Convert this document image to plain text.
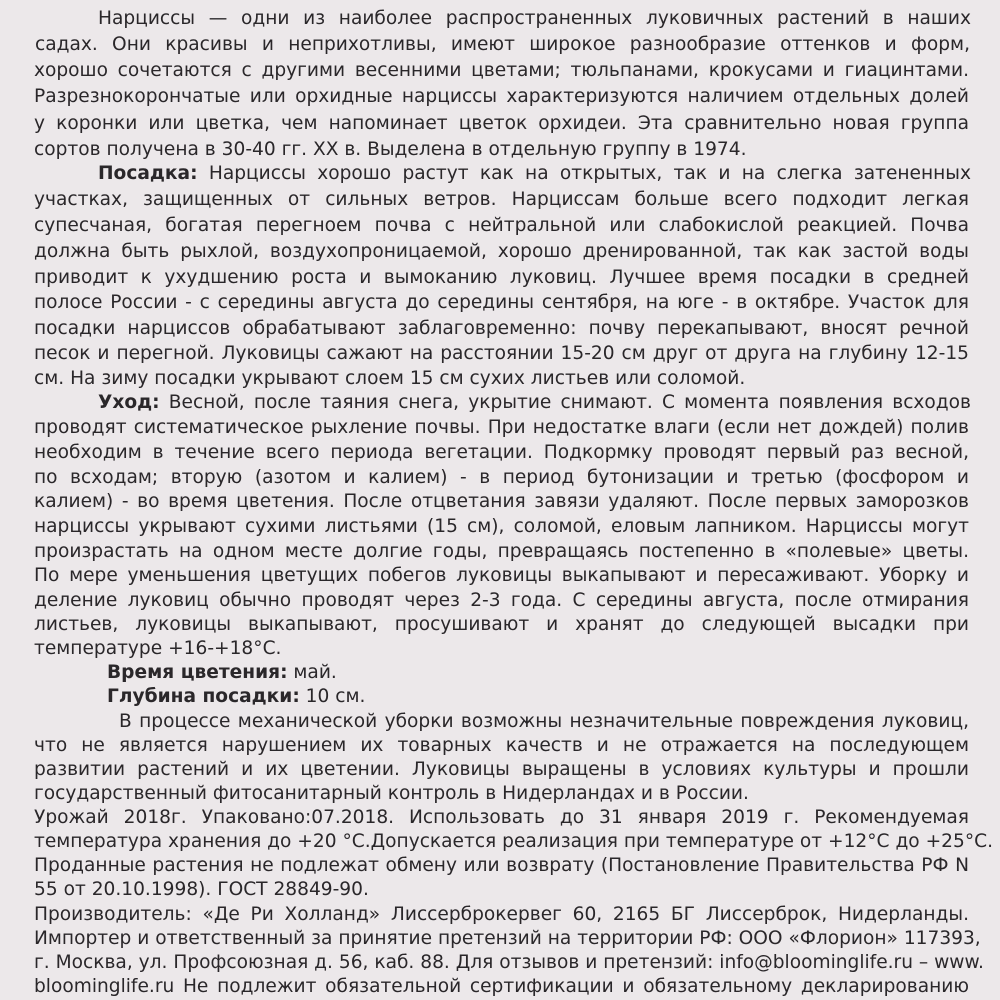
Нарциссы — одни из наиболее распространенных луковичных растений в наших
садах. Они красивы и неприхотливы, имеют широкое разнообразие оттенков и форм,
хорошо сочетаются с другими весенними цветами; тюльпанами, крокусами и гиацинтами.
Разрезнокорончатые или орхидные нарциссы характеризуются наличием отдельных долей
у коронки или цветка, чем напоминает цветок орхидеи. Эта сравнительно новая группа
сортов получена в 30-40 гг. XX в. Выделена в отдельную группу в 1974.
Посадка: Нарциссы хорошо растут как на открытых, так и на слегка затененных
участках, защищенных от сильных ветров. Нарциссам больше всего подходит легкая
супесчаная, богатая перегноем почва с нейтральной или слабокислой реакцией. Почва
должна быть рыхлой, воздухопроницаемой, хорошо дренированной, так как застой воды
приводит к ухудшению роста и вымоканию луковиц. Лучшее время посадки в средней
полосе России - с середины августа до середины сентября, на юге - в октябре. Участок для
посадки нарциссов обрабатывают заблаговременно: почву перекапывают, вносят речной
песок и перегной. Луковицы сажают на расстоянии 15-20 см друг от друга на глубину 12-15
см. На зиму посадки укрывают слоем 15 см сухих листьев или соломой.
Уход: Весной, после таяния снега, укрытие снимают. С момента появления всходов
проводят систематическое рыхление почвы. При недостатке влаги (если нет дождей) полив
необходим в течение всего периода вегетации. Подкормку проводят первый раз весной,
по всходам; вторую (азотом и калием) - в период бутонизации и третью (фосфором и
калием) - во время цветения. После отцветания завязи удаляют. После первых заморозков
нарциссы укрывают сухими листьями (15 см), соломой, еловым лапником. Нарциссы могут
произрастать на одном месте долгие годы, превращаясь постепенно в «полевые» цветы.
По мере уменьшения цветущих побегов луковицы выкапывают и пересаживают. Уборку и
деление луковиц обычно проводят через 2-3 года. С середины августа, после отмирания
листьев, луковицы выкапывают, просушивают и хранят до следующей высадки при
температуре +16-+18°С.
Время цветения: май.
Глубина посадки: 10 см.
В процессе механической уборки возможны незначительные повреждения луковиц,
что не является нарушением их товарных качеств и не отражается на последующем
развитии растений и их цветении. Луковицы выращены в условиях культуры и прошли
государственный фитосанитарный контроль в Нидерландах и в России.
Урожай 2018г. Упаковано:07.2018. Использовать до 31 января 2019 г. Рекомендуемая
температура хранения до +20 °С.Допускается реализация при температуре от +12°С до +25°С.
Проданные растения не подлежат обмену или возврату (Постановление Правительства РФ N
55 от 20.10.1998). ГОСТ 28849-90.
Производитель: «Де Ри Холланд» Лиссерброкервег 60, 2165 БГ Лиссерброк, Нидерланды.
Импортер и ответственный за принятие претензий на территории РФ: ООО «Флорион» 117393,
г. Москва, ул. Профсоюзная д. 56, каб. 88. Для отзывов и претензий: info@bloominglife.ru – www.
bloominglife.ru Не подлежит обязательной сертификации и обязательному декларированию
